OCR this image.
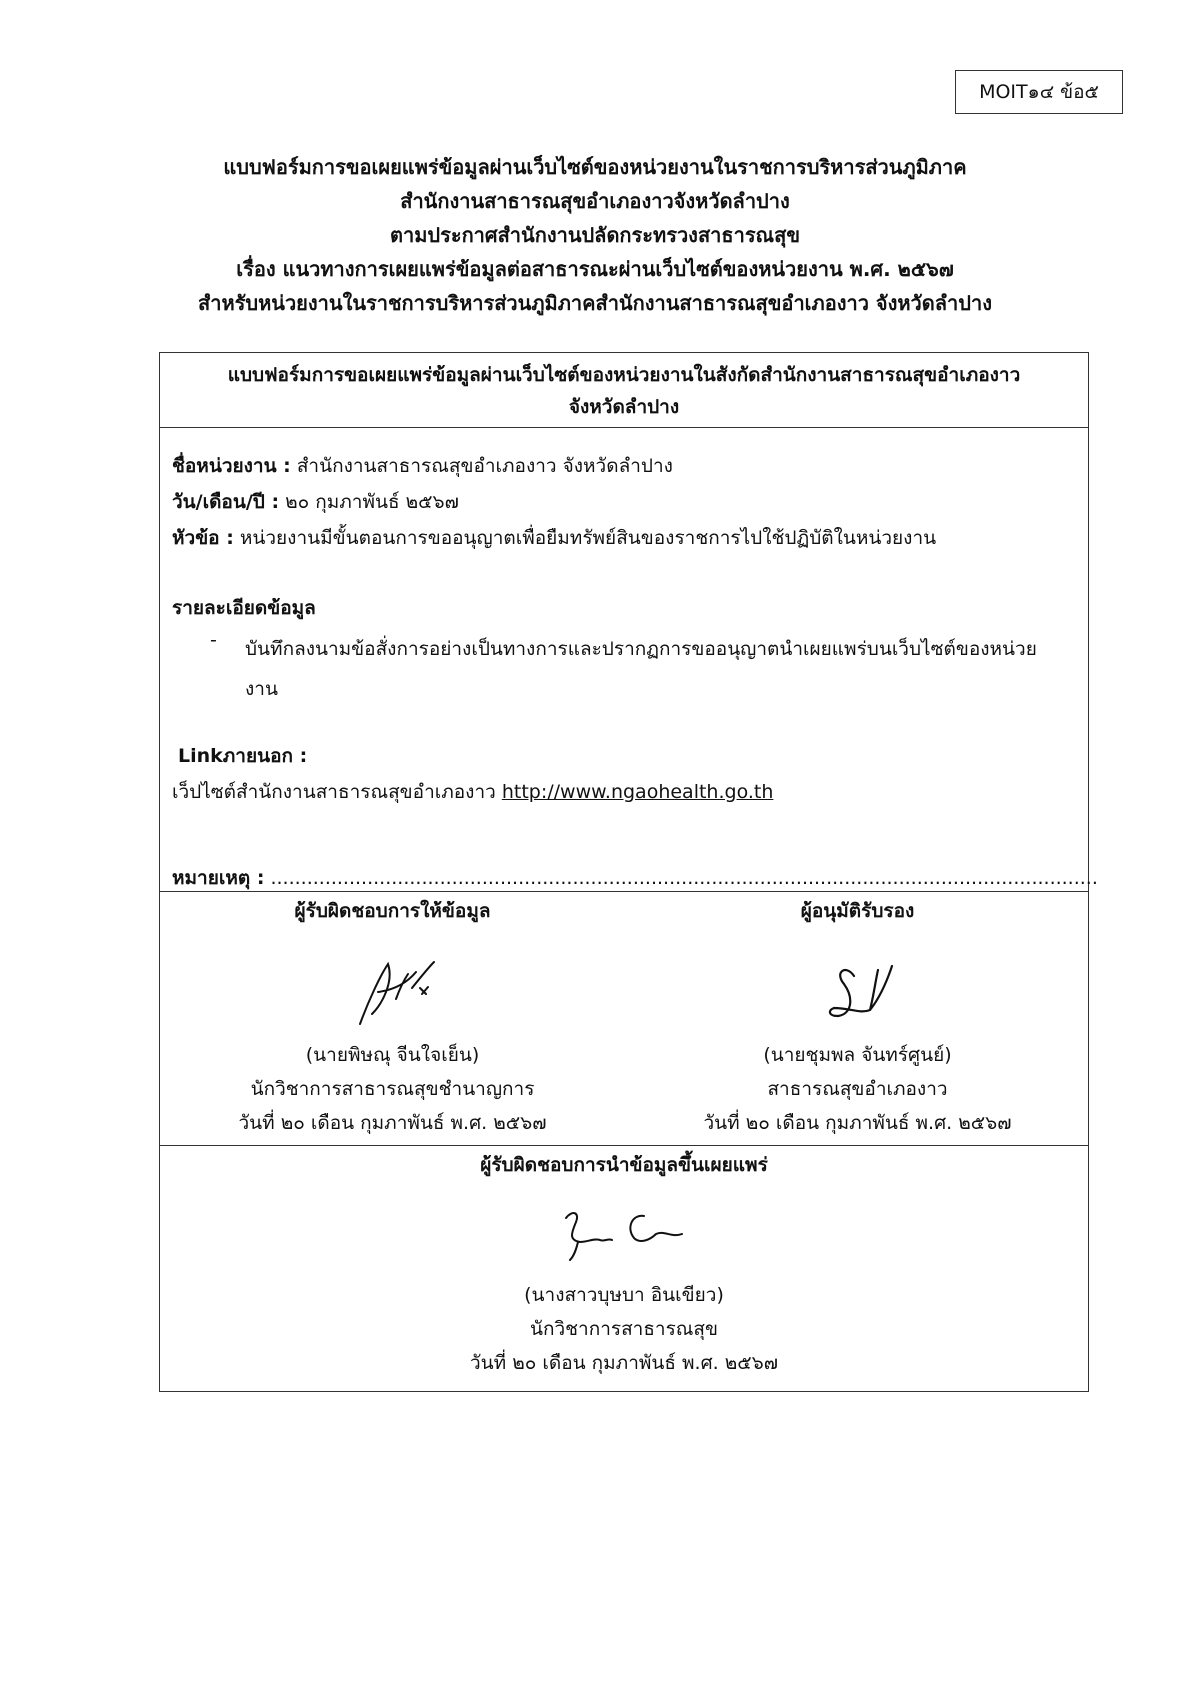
MOIT๑๔ ข้อ๕
แบบฟอร์มการขอเผยแพร่ข้อมูลผ่านเว็บไซต์ของหน่วยงานในราชการบริหารส่วนภูมิภาค
สำนักงานสาธารณสุขอำเภองาวจังหวัดลำปาง
ตามประกาศสำนักงานปลัดกระทรวงสาธารณสุข
เรื่อง แนวทางการเผยแพร่ข้อมูลต่อสาธารณะผ่านเว็บไซต์ของหน่วยงาน พ.ศ. ๒๕๖๗
สำหรับหน่วยงานในราชการบริหารส่วนภูมิภาคสำนักงานสาธารณสุขอำเภองาว จังหวัดลำปาง
แบบฟอร์มการขอเผยแพร่ข้อมูลผ่านเว็บไซต์ของหน่วยงานในสังกัดสำนักงานสาธารณสุขอำเภองาว
จังหวัดลำปาง
ชื่อหน่วยงาน : สำนักงานสาธารณสุขอำเภองาว จังหวัดลำปาง
วัน/เดือน/ปี : ๒๐ กุมภาพันธ์ ๒๕๖๗
หัวข้อ : หน่วยงานมีขั้นตอนการขออนุญาตเพื่อยืมทรัพย์สินของราชการไปใช้ปฏิบัติในหน่วยงาน
รายละเอียดข้อมูล
- บันทึกลงนามข้อสั่งการอย่างเป็นทางการและปรากฏการขออนุญาตนำเผยแพร่บนเว็บไซต์ของหน่วยงาน
Linkภายนอก :
เว็ปไซต์สำนักงานสาธารณสุขอำเภองาว http://www.ngaohealth.go.th
หมายเหตุ : .........................................................................................................................................
ผู้รับผิดชอบการให้ข้อมูล
(นายพิษณุ จีนใจเย็น)
นักวิชาการสาธารณสุขชำนาญการ
วันที่ ๒๐ เดือน กุมภาพันธ์ พ.ศ. ๒๕๖๗
ผู้อนุมัติรับรอง
(นายชุมพล จันทร์ศูนย์)
สาธารณสุขอำเภองาว
วันที่ ๒๐ เดือน กุมภาพันธ์ พ.ศ. ๒๕๖๗
ผู้รับผิดชอบการนำข้อมูลขึ้นเผยแพร่
(นางสาวบุษบา อินเขียว)
นักวิชาการสาธารณสุข
วันที่ ๒๐ เดือน กุมภาพันธ์ พ.ศ. ๒๕๖๗
